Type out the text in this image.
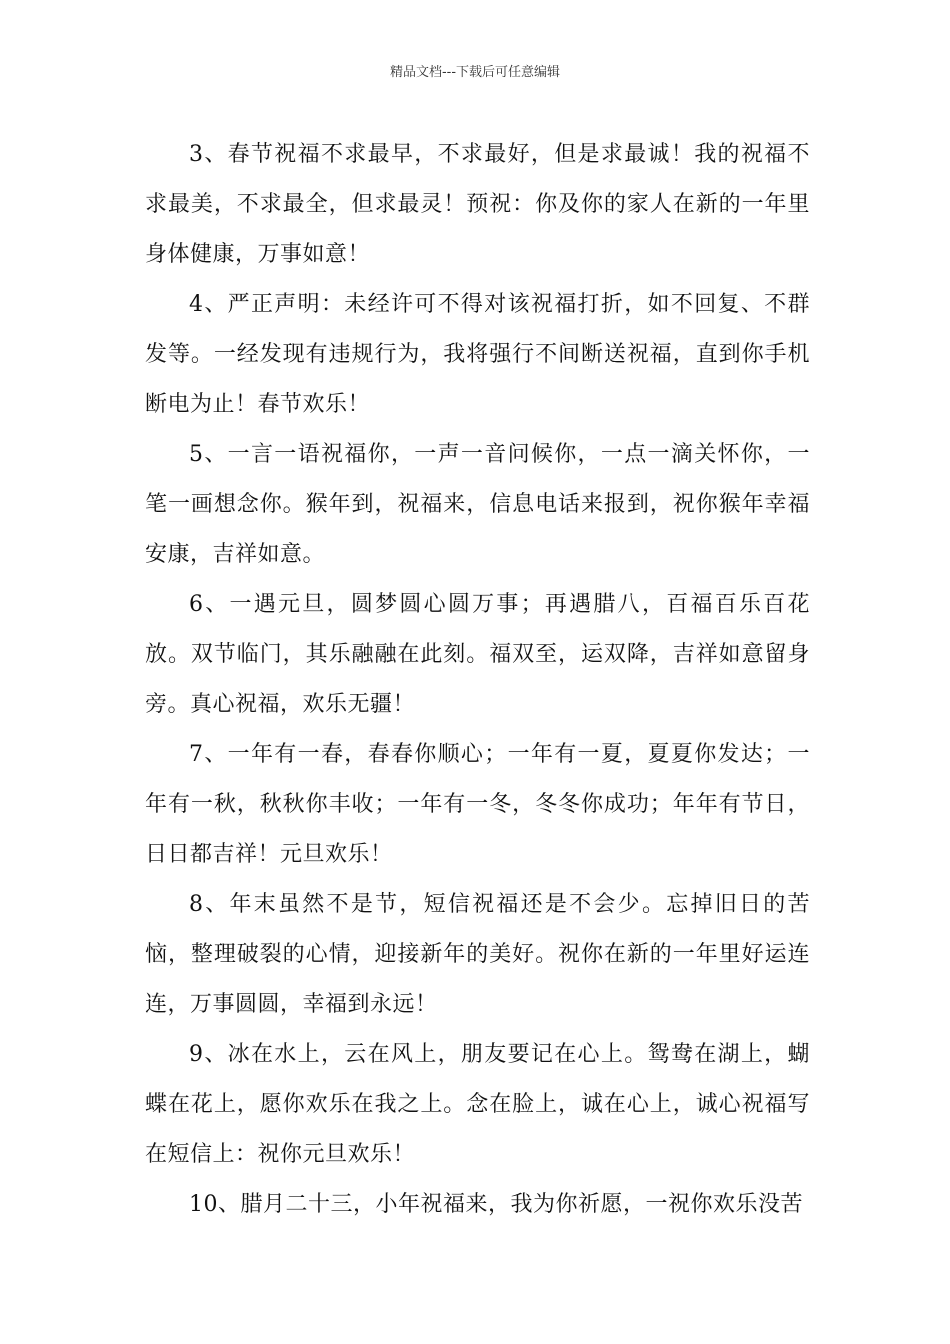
精品文档---下载后可任意编辑

3、春节祝福不求最早，不求最好，但是求最诚！我的祝福不求最美，不求最全，但求最灵！预祝：你及你的家人在新的一年里身体健康，万事如意！

4、严正声明：未经许可不得对该祝福打折，如不回复、不群发等。一经发现有违规行为，我将强行不间断送祝福，直到你手机断电为止！春节欢乐！

5、一言一语祝福你，一声一音问候你，一点一滴关怀你，一笔一画想念你。猴年到，祝福来，信息电话来报到，祝你猴年幸福安康，吉祥如意。

6、一遇元旦，圆梦圆心圆万事；再遇腊八，百福百乐百花放。双节临门，其乐融融在此刻。福双至，运双降，吉祥如意留身旁。真心祝福，欢乐无疆！

7、一年有一春，春春你顺心；一年有一夏，夏夏你发达；一年有一秋，秋秋你丰收；一年有一冬，冬冬你成功；年年有节日，日日都吉祥！元旦欢乐！

8、年末虽然不是节，短信祝福还是不会少。忘掉旧日的苦恼，整理破裂的心情，迎接新年的美好。祝你在新的一年里好运连连，万事圆圆，幸福到永远！

9、冰在水上，云在风上，朋友要记在心上。鸳鸯在湖上，蝴蝶在花上，愿你欢乐在我之上。念在脸上，诚在心上，诚心祝福写在短信上：祝你元旦欢乐！

10、腊月二十三，小年祝福来，我为你祈愿，一祝你欢乐没苦
